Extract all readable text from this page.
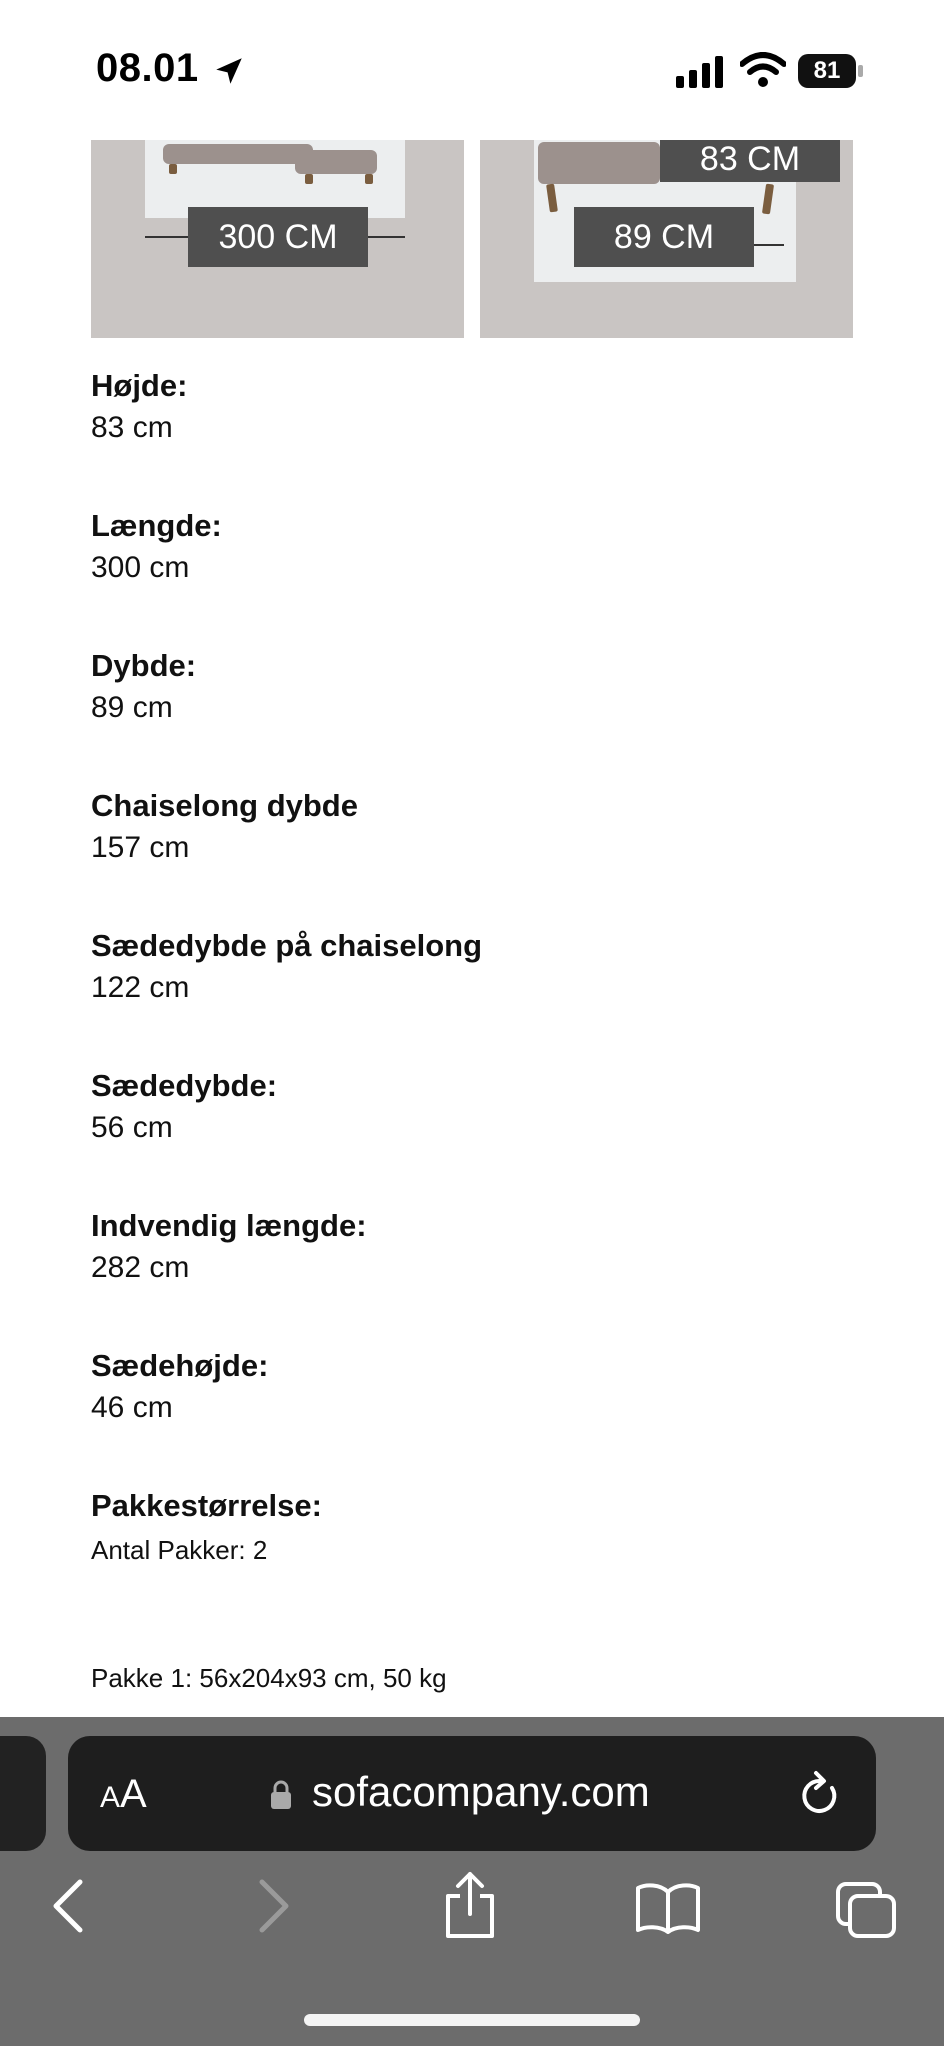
08.01	81
300 CM
83 CM
89 CM
Højde:
83 cm
Længde:
300 cm
Dybde:
89 cm
Chaiselong dybde
157 cm
Sædedybde på chaiselong
122 cm
Sædedybde:
56 cm
Indvendig længde:
282 cm
Sædehøjde:
46 cm
Pakkestørrelse:
Antal Pakker: 2
Pakke 1: 56x204x93 cm, 50 kg
AA	sofacompany.com
